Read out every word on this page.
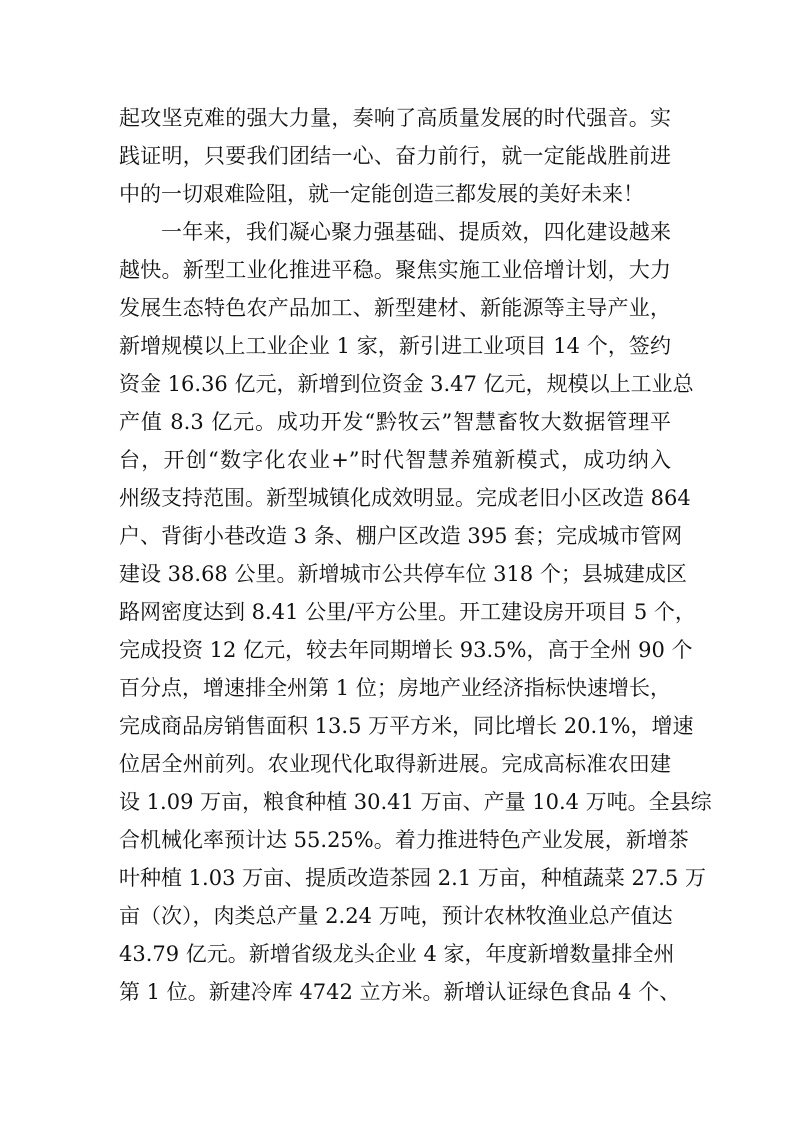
起攻坚克难的强大力量，奏响了高质量发展的时代强音。实
践证明，只要我们团结一心、奋力前行，就一定能战胜前进
中的一切艰难险阻，就一定能创造三都发展的美好未来！
一年来，我们凝心聚力强基础、提质效，四化建设越来
越快。新型工业化推进平稳。聚焦实施工业倍增计划，大力
发展生态特色农产品加工、新型建材、新能源等主导产业，
新增规模以上工业企业 1 家，新引进工业项目 14 个，签约
资金 16.36 亿元，新增到位资金 3.47 亿元，规模以上工业总
产值 8.3 亿元。成功开发“黔牧云”智慧畜牧大数据管理平
台，开创“数字化农业+”时代智慧养殖新模式，成功纳入
州级支持范围。新型城镇化成效明显。完成老旧小区改造 864
户、背街小巷改造 3 条、棚户区改造 395 套；完成城市管网
建设 38.68 公里。新增城市公共停车位 318 个；县城建成区
路网密度达到 8.41 公里/平方公里。开工建设房开项目 5 个，
完成投资 12 亿元，较去年同期增长 93.5%，高于全州 90 个
百分点，增速排全州第 1 位；房地产业经济指标快速增长，
完成商品房销售面积 13.5 万平方米，同比增长 20.1%，增速
位居全州前列。农业现代化取得新进展。完成高标准农田建
设 1.09 万亩，粮食种植 30.41 万亩、产量 10.4 万吨。全县综
合机械化率预计达 55.25%。着力推进特色产业发展，新增茶
叶种植 1.03 万亩、提质改造茶园 2.1 万亩，种植蔬菜 27.5 万
亩（次），肉类总产量 2.24 万吨，预计农林牧渔业总产值达
43.79 亿元。新增省级龙头企业 4 家，年度新增数量排全州
第 1 位。新建冷库 4742 立方米。新增认证绿色食品 4 个、
